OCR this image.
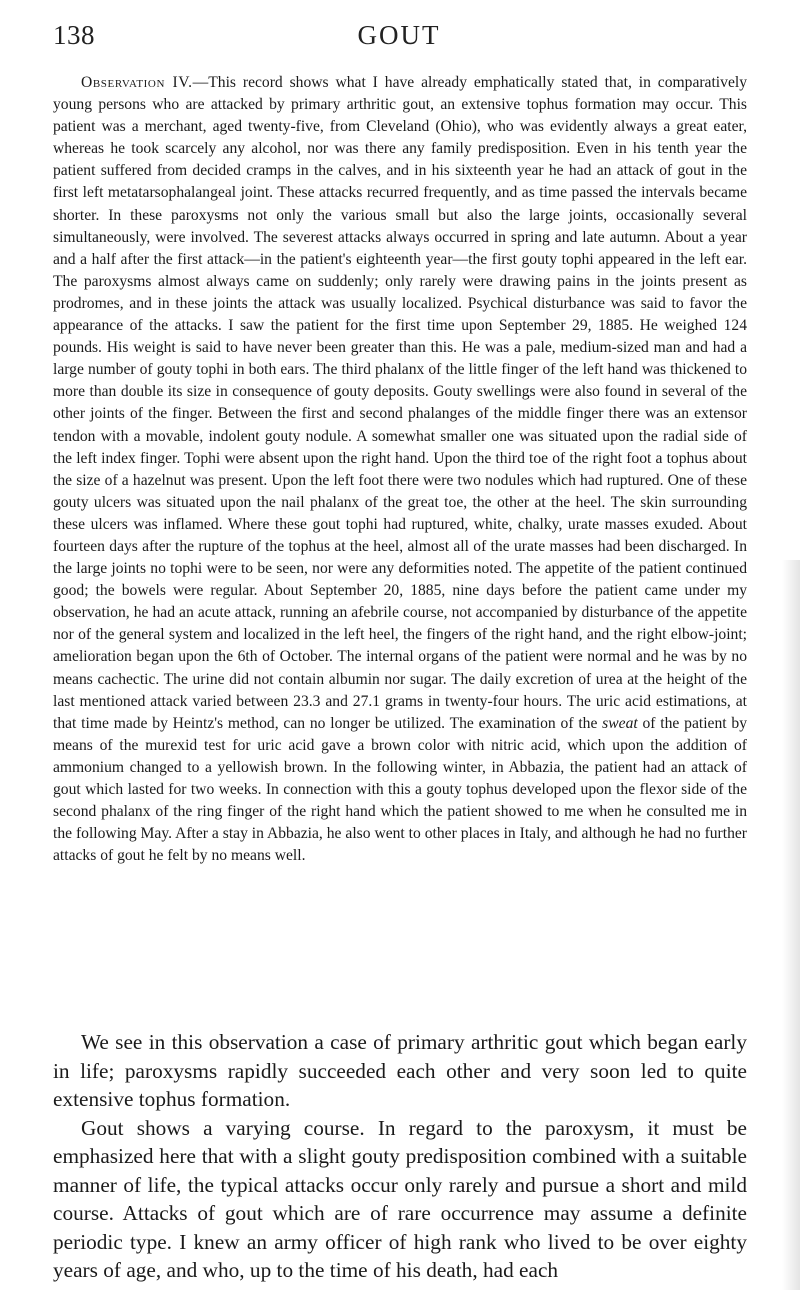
138	GOUT

Observation IV.—This record shows what I have already emphatically stated that, in comparatively young persons who are attacked by primary arthritic gout, an extensive tophus formation may occur. This patient was a merchant, aged twenty-five, from Cleveland (Ohio), who was evidently always a great eater, whereas he took scarcely any alcohol, nor was there any family predisposition. Even in his tenth year the patient suffered from decided cramps in the calves, and in his sixteenth year he had an attack of gout in the first left metatarsophalangeal joint. These attacks recurred frequently, and as time passed the intervals became shorter. In these paroxysms not only the various small but also the large joints, occasionally several simultaneously, were involved. The severest attacks always occurred in spring and late autumn. About a year and a half after the first attack—in the patient's eighteenth year—the first gouty tophi appeared in the left ear. The paroxysms almost always came on suddenly; only rarely were drawing pains in the joints present as prodromes, and in these joints the attack was usually localized. Psychical disturbance was said to favor the appearance of the attacks. I saw the patient for the first time upon September 29, 1885. He weighed 124 pounds. His weight is said to have never been greater than this. He was a pale, medium-sized man and had a large number of gouty tophi in both ears. The third phalanx of the little finger of the left hand was thickened to more than double its size in consequence of gouty deposits. Gouty swellings were also found in several of the other joints of the finger. Between the first and second phalanges of the middle finger there was an extensor tendon with a movable, indolent gouty nodule. A somewhat smaller one was situated upon the radial side of the left index finger. Tophi were absent upon the right hand. Upon the third toe of the right foot a tophus about the size of a hazelnut was present. Upon the left foot there were two nodules which had ruptured. One of these gouty ulcers was situated upon the nail phalanx of the great toe, the other at the heel. The skin surrounding these ulcers was inflamed. Where these gout tophi had ruptured, white, chalky, urate masses exuded. About fourteen days after the rupture of the tophus at the heel, almost all of the urate masses had been discharged. In the large joints no tophi were to be seen, nor were any deformities noted. The appetite of the patient continued good; the bowels were regular. About September 20, 1885, nine days before the patient came under my observation, he had an acute attack, running an afebrile course, not accompanied by disturbance of the appetite nor of the general system and localized in the left heel, the fingers of the right hand, and the right elbow-joint; amelioration began upon the 6th of October. The internal organs of the patient were normal and he was by no means cachectic. The urine did not contain albumin nor sugar. The daily excretion of urea at the height of the last mentioned attack varied between 23.3 and 27.1 grams in twenty-four hours. The uric acid estimations, at that time made by Heintz's method, can no longer be utilized. The examination of the sweat of the patient by means of the murexid test for uric acid gave a brown color with nitric acid, which upon the addition of ammonium changed to a yellowish brown. In the following winter, in Abbazia, the patient had an attack of gout which lasted for two weeks. In connection with this a gouty tophus developed upon the flexor side of the second phalanx of the ring finger of the right hand which the patient showed to me when he consulted me in the following May. After a stay in Abbazia, he also went to other places in Italy, and although he had no further attacks of gout he felt by no means well.

We see in this observation a case of primary arthritic gout which began early in life; paroxysms rapidly succeeded each other and very soon led to quite extensive tophus formation.

Gout shows a varying course. In regard to the paroxysm, it must be emphasized here that with a slight gouty predisposition combined with a suitable manner of life, the typical attacks occur only rarely and pursue a short and mild course. Attacks of gout which are of rare occurrence may assume a definite periodic type. I knew an army officer of high rank who lived to be over eighty years of age, and who, up to the time of his death, had each
